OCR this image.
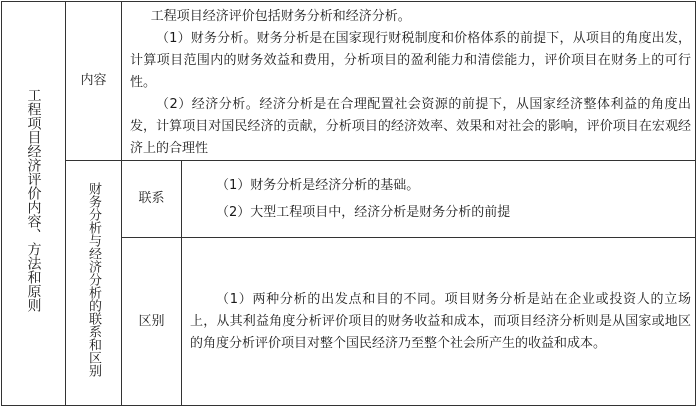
工程项目经济评价内容、方法和原则	内容	工程项目经济评价包括财务分析和经济分析。

（1）财务分析。财务分析是在国家现行财税制度和价格体系的前提下，从项目的角度出发，计算项目范围内的财务效益和费用，分析项目的盈利能力和清偿能力，评价项目在财务上的可行性。

（2）经济分析。经济分析是在合理配置社会资源的前提下，从国家经济整体利益的角度出发，计算项目对国民经济的贡献，分析项目的经济效率、效果和对社会的影响，评价项目在宏观经济上的合理性	

	财务分析与经济分析的联系和区别	联系	（1）财务分析是经济分析的基础。

（2）大型工程项目中，经济分析是财务分析的前提

		区别	（1）两种分析的出发点和目的不同。项目财务分析是站在企业或投资人的立场上，从其利益角度分析评价项目的财务收益和成本，而项目经济分析则是从国家或地区的角度分析评价项目对整个国民经济乃至整个社会所产生的收益和成本。
